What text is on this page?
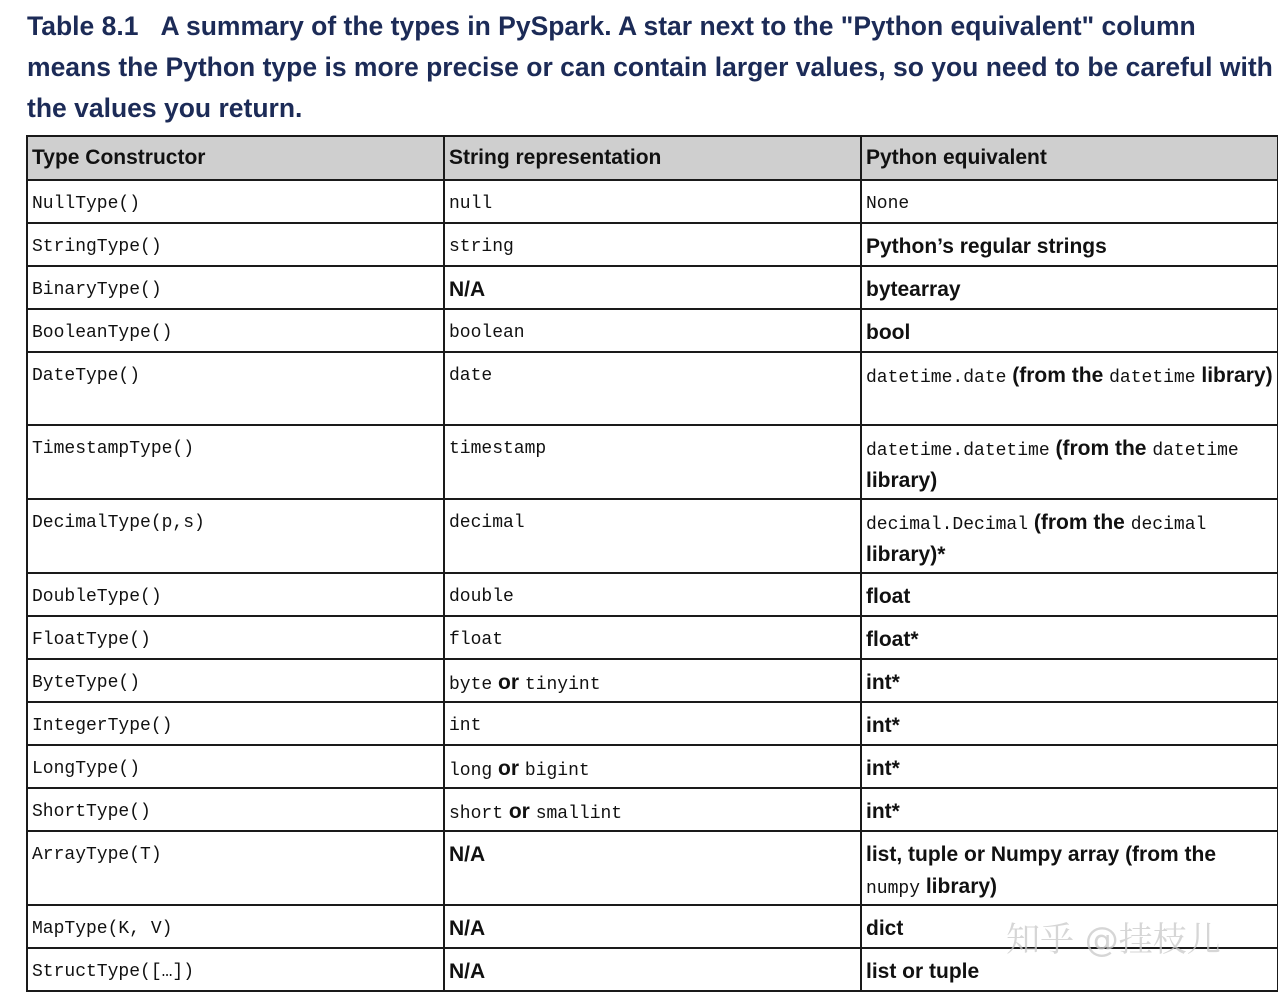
Table 8.1 A summary of the types in PySpark. A star next to the "Python equivalent" column means the Python type is more precise or can contain larger values, so you need to be careful with the values you return.
Type Constructor	String representation	Python equivalent

NullType()	null	None

StringType()	string	Python’s regular strings

BinaryType()	N/A	bytearray

BooleanType()	boolean	bool

DateType()	date	datetime.date (from the datetime library)

TimestampType()	timestamp	datetime.datetime (from the datetime library)

DecimalType(p,s)	decimal	decimal.Decimal (from the decimal library)*

DoubleType()	double	float

FloatType()	float	float*

ByteType()	byte or tinyint	int*

IntegerType()	int	int*

LongType()	long or bigint	int*

ShortType()	short or smallint	int*

ArrayType(T)	N/A	list, tuple or Numpy array (from the numpy library)

MapType(K, V)	N/A	dict

StructType([…])	N/A	list or tuple
知乎 @挂枝儿
